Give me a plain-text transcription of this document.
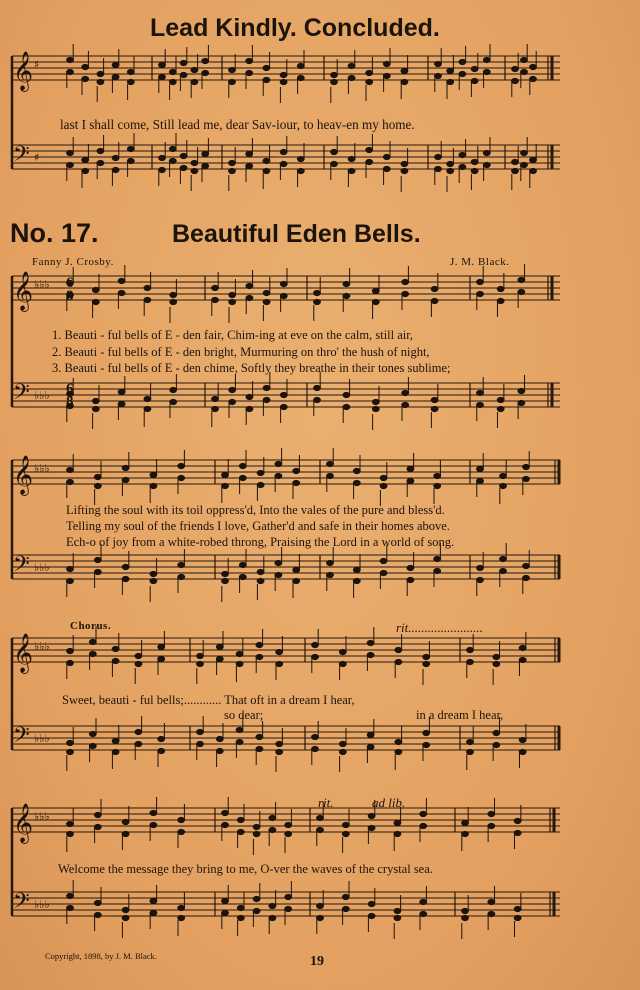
𝄞 ♯
𝄢 ♯
𝄞 ♭♭♭
𝄢 ♭♭♭
𝄞 ♭♭♭
𝄢 ♭♭♭
𝄞 ♭♭♭
𝄢 ♭♭♭
𝄞 ♭♭♭
𝄢 ♭♭♭
Lead Kindly. Concluded.
last I shall come, Still lead me, dear Sav-iour, to heav-en my home.
No. 17.	Beautiful Eden Bells.
Fanny J. Crosby.	J. M. Black.
1. Beauti - ful bells of E - den fair, Chim-ing at eve on the calm, still air,
2. Beauti - ful bells of E - den bright, Murmuring on thro' the hush of night,
3. Beauti - ful bells of E - den chime, Softly they breathe in their tones sublime;
Lifting the soul with its toil oppress'd, Into the vales of the pure and bless'd.
Telling my soul of the friends I love, Gather'd and safe in their homes above.
Ech-o of joy from a white-robed throng, Praising the Lord in a world of song.
Chorus.	rit.......................
Sweet, beauti - ful bells;............ That oft in a dream I hear,
so dear;	in a dream I hear,
rit.	ad lib.
Welcome the message they bring to me, O-ver the waves of the crystal sea.
Copyright, 1898, by J. M. Black.	19
6
8
6
8
